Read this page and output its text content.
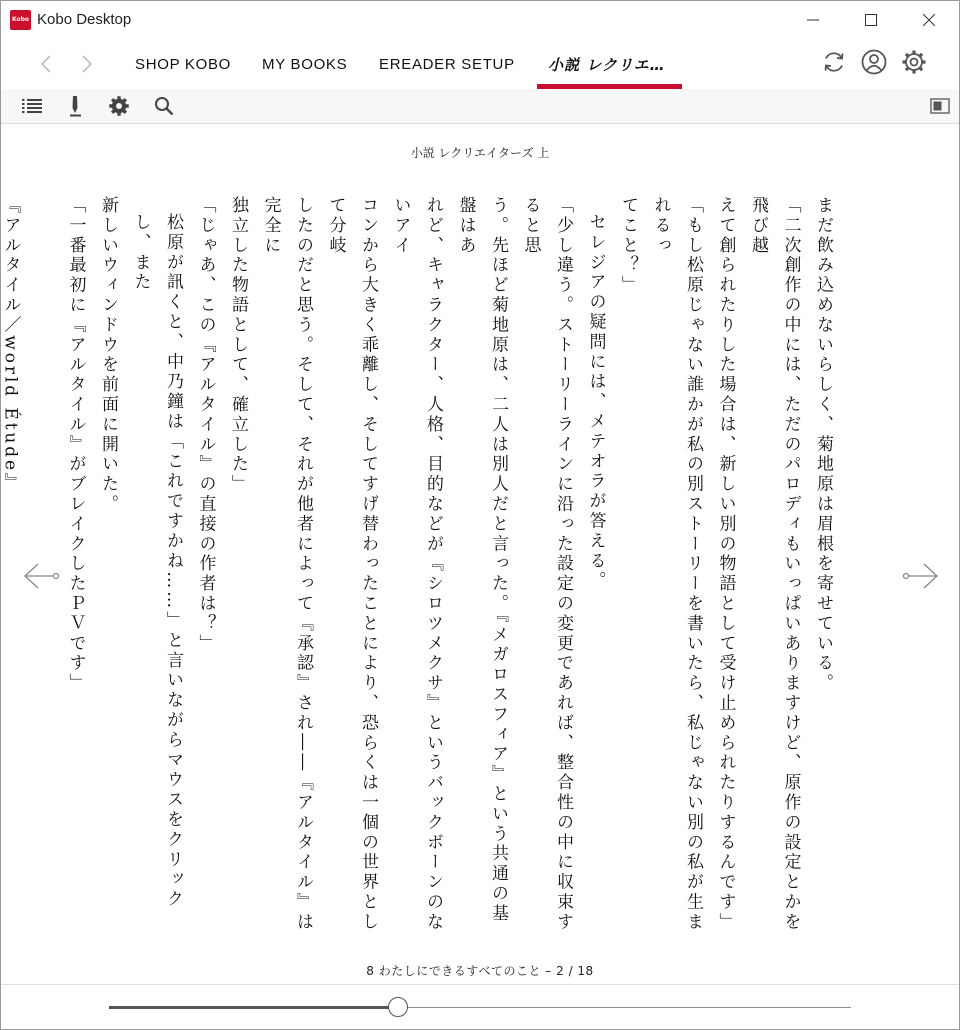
Kobo Kobo Desktop
SHOP KOBO MY BOOKS EREADER SETUP 小説 レクリエ…
小説 レクリエイターズ 上

まだ飲み込めないらしく、菊地原は眉根を寄せている。

「二次創作の中には、ただのパロディもいっぱいありますけど、原作の設定とかを飛び越

えて創られたりした場合は、新しい別の物語として受け止められたりするんです」

「もし松原じゃない誰かが私の別ストーリーを書いたら、私じゃない別の私が生まれるっ

てこと？」

セレジアの疑問には、メテオラが答える。

「少し違う。ストーリーラインに沿った設定の変更であれば、整合性の中に収束すると思

う。先ほど菊地原は、二人は別人だと言った。『メガロスフィア』という共通の基盤はあ

れど、キャラクター、人格、目的などが『シロツメクサ』というバックボーンのないアイ

コンから大きく乖離し、そしてすげ替わったことにより、恐らくは一個の世界として分岐

したのだと思う。そして、それが他者によって『承認』され――『アルタイル』は完全に

独立した物語として、確立した」

「じゃあ、この『アルタイル』の直接の作者は？」

松原が訊くと、中乃鐘は「これですかね……」と言いながらマウスをクリックし、また

新しいウィンドウを前面に開いた。

「一番最初に『アルタイル』がブレイクしたＰＶです」

『アルタイル／world Étude』

8 わたしにできるすべてのこと – 2 / 18
